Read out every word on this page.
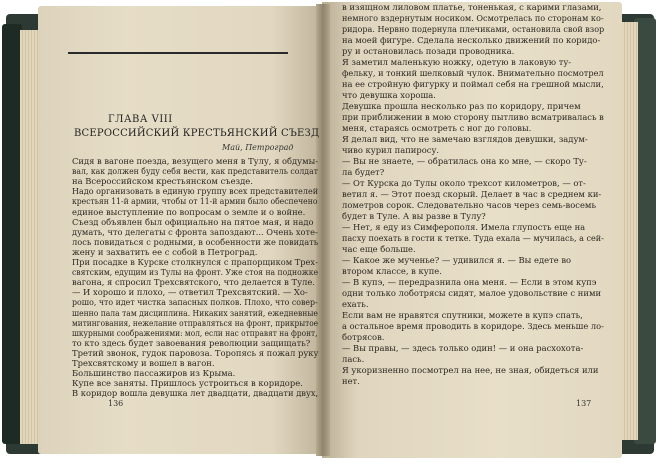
ГЛАВА VIII
ВСЕРОССИЙСКИЙ КРЕСТЬЯНСКИЙ СЪЕЗД
Май, Петроград
Сидя в вагоне поезда, везущего меня в Тулу, я обдумы-
вал, как должен буду себя вести, как представитель солдат
на Всероссийском крестьянском съезде.
Надо организовать в единую группу всех представителей
крестьян 11-й армии, чтобы от 11-й армии было обеспечено
единое выступление по вопросам о земле и о войне.
Съезд объявлен был официально на пятое мая, и надо
думать, что делегаты с фронта запоздают... Очень хоте-
лось повидаться с родными, в особенности же повидать
жену и захватить ее с собой в Петроград.
При посадке в Курске столкнулся с прапорщиком Трех-
святским, едущим из Тулы на фронт. Уже стоя на подножке
вагона, я спросил Трехсвятского, что делается в Туле.
— И хорошо и плохо, — ответил Трехсвятский. — Хо-
рошо, что идет чистка запасных полков. Плохо, что совер-
шенно пала там дисциплина. Никаких занятий, ежедневные
митингования, нежелание отправляться на фронт, прикрытое
шкурными соображениями: мол, если нас отправят на фронт,
то кто здесь будет завоевания революции защищать?
Третий звонок, гудок паровоза. Торопясь я пожал руку
Трехсвятскому и вошел в вагон.
Большинство пассажиров из Крыма.
Купе все заняты. Пришлось устроиться в коридоре.
В коридор вошла девушка лет двадцати, двадцати двух,
в изящном лиловом платье, тоненькая, с карими глазами,
немного вздернутым носиком. Осмотрелась по сторонам ко-
ридора. Нервно подернула плечиками, остановила свой взор
на моей фигуре. Сделала несколько движений по коридо-
ру и остановилась позади проводника.
Я заметил маленькую ножку, одетую в лаковую ту-
фельку, и тонкий шелковый чулок. Внимательно посмотрел
на ее стройную фигурку и поймал себя на грешной мысли,
что девушка хороша.
Девушка прошла несколько раз по коридору, причем
при приближении в мою сторону пытливо всматривалась в
меня, стараясь осмотреть с ног до головы.
Я делал вид, что не замечаю взглядов девушки, задум-
чиво курил папиросу.
— Вы не знаете, — обратилась она ко мне, — скоро Ту-
ла будет?
— От Курска до Тулы около трехсот километров, — от-
ветил я. — Этот поезд скорый. Делает в час в среднем ки-
лометров сорок. Следовательно часов через семь-восемь
будет в Туле. А вы разве в Тулу?
— Нет, я еду из Симферополя. Имела глупость еще на
пасху поехать в гости к тетке. Туда ехала — мучилась, а сей-
час еще больше.
— Какое же мученье? — удивился я. — Вы едете во
втором классе, в купе.
— В купэ, — передразнила она меня. — Если в этом купэ
одни только лоботрясы сидят, малое удовольствие с ними
ехать.
Если вам не нравятся спутники, можете в купэ спать,
а остальное время проводить в коридоре. Здесь меньше ло-
ботрясов.
— Вы правы, — здесь только один! — и она расхохота-
лась.
Я укоризненно посмотрел на нее, не зная, обидеться или
нет.
136	137
